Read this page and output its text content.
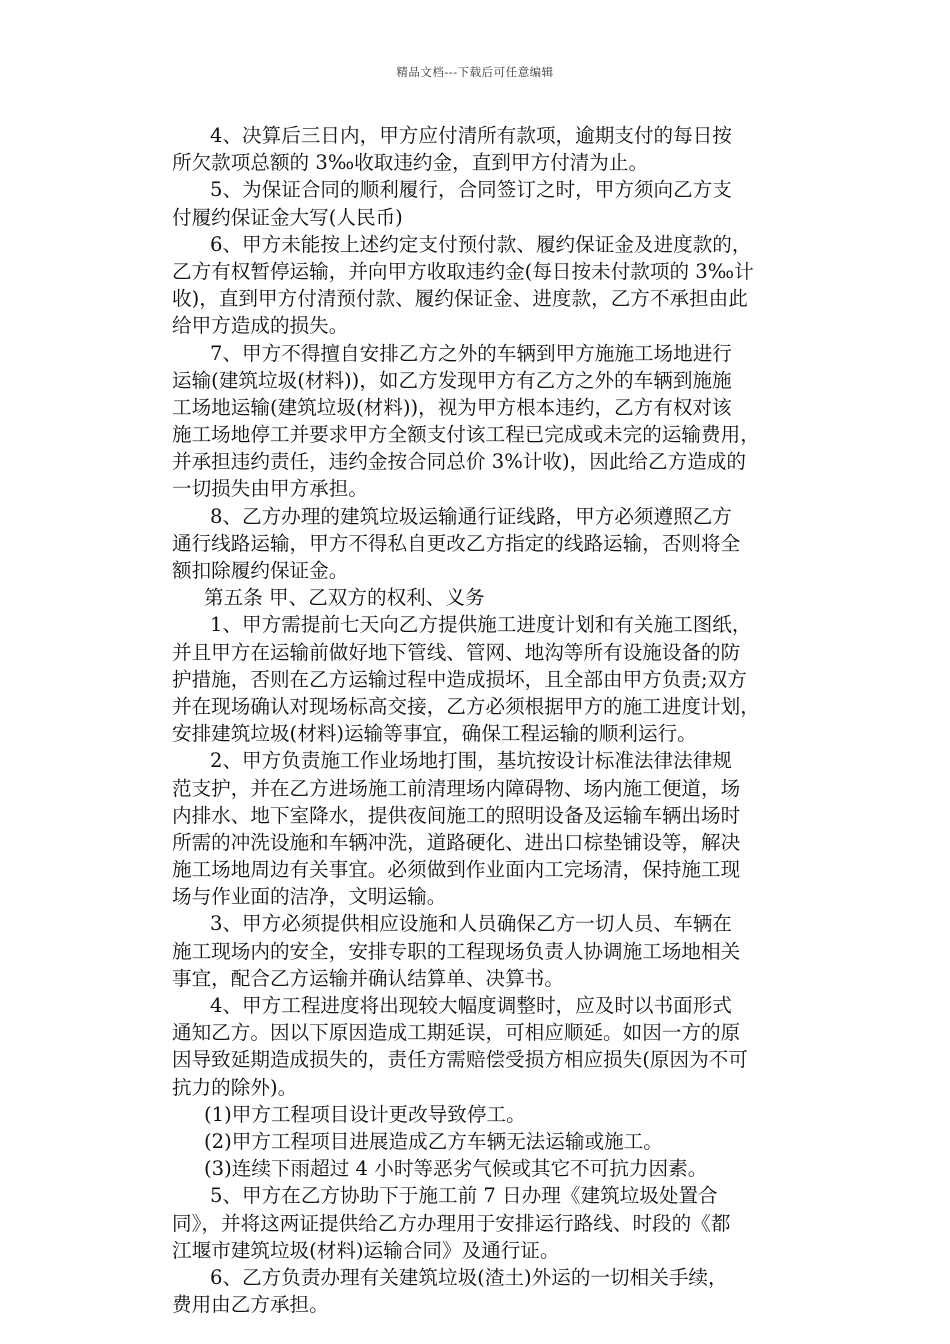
精品文档---下载后可任意编辑
4、决算后三日内，甲方应付清所有款项，逾期支付的每日按
所欠款项总额的 3‰收取违约金，直到甲方付清为止。
5、为保证合同的顺利履行，合同签订之时，甲方须向乙方支
付履约保证金大写(人民币)
6、甲方未能按上述约定支付预付款、履约保证金及进度款的，
乙方有权暂停运输，并向甲方收取违约金(每日按未付款项的 3‰计
收)，直到甲方付清预付款、履约保证金、进度款，乙方不承担由此
给甲方造成的损失。
7、甲方不得擅自安排乙方之外的车辆到甲方施施工场地进行
运输(建筑垃圾(材料))，如乙方发现甲方有乙方之外的车辆到施施
工场地运输(建筑垃圾(材料))，视为甲方根本违约，乙方有权对该
施工场地停工并要求甲方全额支付该工程已完成或未完的运输费用，
并承担违约责任，违约金按合同总价 3%计收)，因此给乙方造成的
一切损失由甲方承担。
8、乙方办理的建筑垃圾运输通行证线路，甲方必须遵照乙方
通行线路运输，甲方不得私自更改乙方指定的线路运输，否则将全
额扣除履约保证金。
第五条 甲、乙双方的权利、义务
1、甲方需提前七天向乙方提供施工进度计划和有关施工图纸，
并且甲方在运输前做好地下管线、管网、地沟等所有设施设备的防
护措施，否则在乙方运输过程中造成损坏，且全部由甲方负责;双方
并在现场确认对现场标高交接，乙方必须根据甲方的施工进度计划，
安排建筑垃圾(材料)运输等事宜，确保工程运输的顺利运行。
2、甲方负责施工作业场地打围，基坑按设计标准法律法律规
范支护，并在乙方进场施工前清理场内障碍物、场内施工便道，场
内排水、地下室降水，提供夜间施工的照明设备及运输车辆出场时
所需的冲洗设施和车辆冲洗，道路硬化、进出口棕垫铺设等，解决
施工场地周边有关事宜。必须做到作业面内工完场清，保持施工现
场与作业面的洁净，文明运输。
3、甲方必须提供相应设施和人员确保乙方一切人员、车辆在
施工现场内的安全，安排专职的工程现场负责人协调施工场地相关
事宜，配合乙方运输并确认结算单、决算书。
4、甲方工程进度将出现较大幅度调整时，应及时以书面形式
通知乙方。因以下原因造成工期延误，可相应顺延。如因一方的原
因导致延期造成损失的，责任方需赔偿受损方相应损失(原因为不可
抗力的除外)。
(1)甲方工程项目设计更改导致停工。
(2)甲方工程项目进展造成乙方车辆无法运输或施工。
(3)连续下雨超过 4 小时等恶劣气候或其它不可抗力因素。
5、甲方在乙方协助下于施工前 7 日办理《建筑垃圾处置合
同》，并将这两证提供给乙方办理用于安排运行路线、时段的《都
江堰市建筑垃圾(材料)运输合同》及通行证。
6、乙方负责办理有关建筑垃圾(渣土)外运的一切相关手续，
费用由乙方承担。
